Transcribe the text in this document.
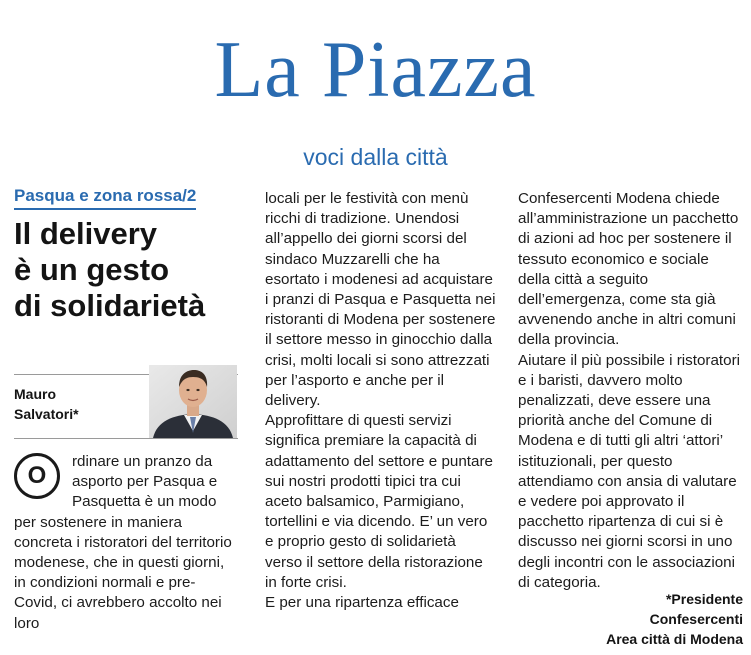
La Piazza
voci dalla città
Pasqua e zona rossa/2
Il delivery
è un gesto
di solidarietà
Mauro
Salvatori*
O

rdinare un pranzo da asporto per Pasqua e Pasquetta è un modo per sostenere in maniera concreta i ristoratori del territorio modenese, che in questi giorni, in condizioni normali e pre-Covid, ci avrebbero accolto nei loro

locali per le festività con menù ricchi di tradizione. Unendosi all’appello dei giorni scorsi del sindaco Muzzarelli che ha esortato i modenesi ad acquistare i pranzi di Pasqua e Pasquetta nei ristoranti di Modena per sostenere il settore messo in ginocchio dalla crisi, molti locali si sono attrezzati per l’asporto e anche per il delivery.

Approfittare di questi servizi significa premiare la capacità di adattamento del settore e puntare sui nostri prodotti tipici tra cui aceto balsamico, Parmigiano, tortellini e via dicendo. E’ un vero e proprio gesto di solidarietà verso il settore della ristorazione in forte crisi.

E per una ripartenza efficace

Confesercenti Modena chiede all’amministrazione un pacchetto di azioni ad hoc per sostenere il tessuto economico e sociale della città a seguito dell’emergenza, come sta già avvenendo anche in altri comuni della provincia.

Aiutare il più possibile i ristoratori e i baristi, davvero molto penalizzati, deve essere una priorità anche del Comune di Modena e di tutti gli altri ‘attori’ istituzionali, per questo attendiamo con ansia di valutare e vedere poi approvato il pacchetto ripartenza di cui si è discusso nei giorni scorsi in uno degli incontri con le associazioni di categoria.

*Presidente
Confesercenti
Area città di Modena
